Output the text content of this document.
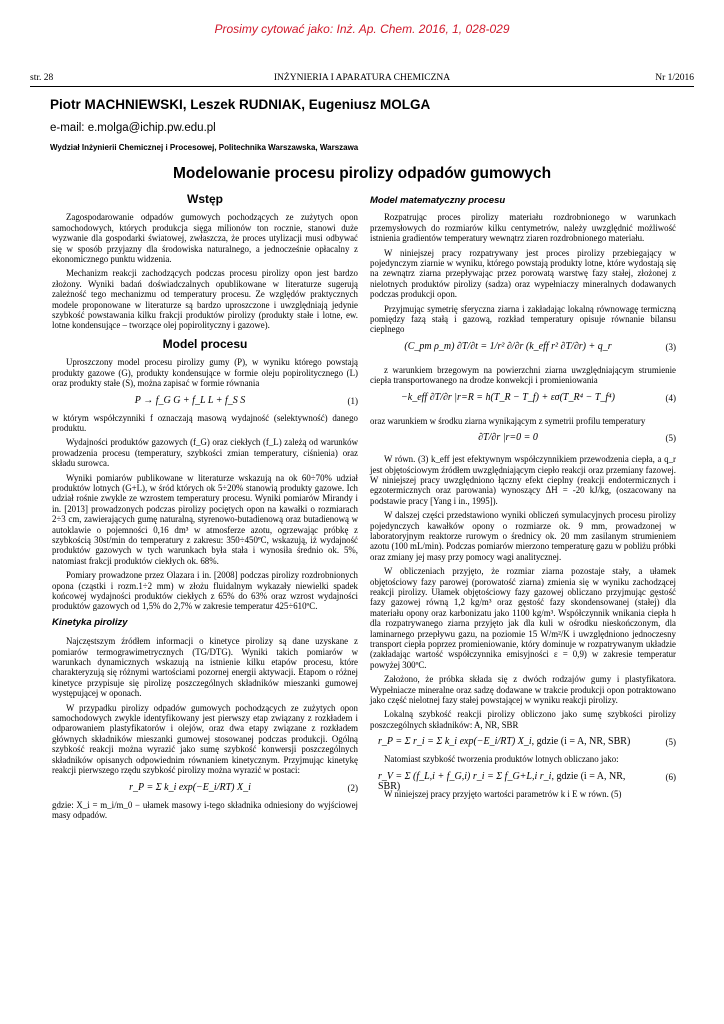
Prosimy cytować jako: Inż. Ap. Chem. 2016, 1, 028-029
str. 28	INŻYNIERIA I APARATURA CHEMICZNA	Nr 1/2016
Piotr MACHNIEWSKI, Leszek RUDNIAK, Eugeniusz MOLGA
e-mail: e.molga@ichip.pw.edu.pl
Wydział Inżynierii Chemicznej i Procesowej, Politechnika Warszawska, Warszawa
Modelowanie procesu pirolizy odpadów gumowych
Wstęp

Zagospodarowanie odpadów gumowych pochodzących ze zużytych opon samochodowych, których produkcja sięga milionów ton rocznie, stanowi duże wyzwanie dla gospodarki światowej, zwłaszcza, że proces utylizacji musi odbywać się w sposób przyjazny dla środowiska naturalnego, a jednocześnie opłacalny z ekonomicznego punktu widzenia.

Mechanizm reakcji zachodzących podczas procesu pirolizy opon jest bardzo złożony. Wyniki badań doświadczalnych opublikowane w literaturze sugerują zależność tego mechanizmu od temperatury procesu. Ze względów praktycznych modele proponowane w literaturze są bardzo uproszczone i uwzględniają jedynie szybkość powstawania kilku frakcji produktów pirolizy (produkty stałe i lotne, ew. lotne kondensujące – tworzące olej popirolityczny i gazowe).

Model procesu

Uproszczony model procesu pirolizy gumy (P), w wyniku którego powstają produkty gazowe (G), produkty kondensujące w formie oleju popirolitycznego (L) oraz produkty stałe (S), można zapisać w formie równania

P → f_G G + f_L L + f_S S	(1)

w którym współczynniki f oznaczają masową wydajność (selektywność) danego produktu.

Wydajności produktów gazowych (f_G) oraz ciekłych (f_L) zależą od warunków prowadzenia procesu (temperatury, szybkości zmian temperatury, ciśnienia) oraz składu surowca.

Wyniki pomiarów publikowane w literaturze wskazują na ok 60÷70% udział produktów lotnych (G+L), w śród których ok 5÷20% stanowią produkty gazowe. Ich udział rośnie zwykle ze wzrostem temperatury procesu. Wyniki pomiarów Mirandy i in. [2013] prowadzonych podczas pirolizy pociętych opon na kawałki o rozmiarach 2÷3 cm, zawierających gumę naturalną, styrenowo-butadienową oraz butadienową w autoklawie o pojemności 0,16 dm³ w atmosferze azotu, ogrzewając próbkę z szybkością 30st/min do temperatury z zakresu: 350÷450ºC, wskazują, iż wydajność produktów gazowych w tych warunkach była stała i wynosiła średnio ok. 5%, natomiast frakcji produktów ciekłych ok. 68%.

Pomiary prowadzone przez Olazara i in. [2008] podczas pirolizy rozdrobnionych opona (cząstki i rozm.1÷2 mm) w złożu fluidalnym wykazały niewielki spadek końcowej wydajności produktów ciekłych z 65% do 63% oraz wzrost wydajności produktów gazowych od 1,5% do 2,7% w zakresie temperatur 425÷610ºC.

Kinetyka pirolizy

Najczęstszym źródłem informacji o kinetyce pirolizy są dane uzyskane z pomiarów termograwimetrycznych (TG/DTG). Wyniki takich pomiarów w warunkach dynamicznych wskazują na istnienie kilku etapów procesu, które charakteryzują się różnymi wartościami pozornej energii aktywacji. Etapom o różnej kinetyce przypisuje się pirolizę poszczególnych składników mieszanki gumowej występującej w oponach.

W przypadku pirolizy odpadów gumowych pochodzących ze zużytych opon samochodowych zwykle identyfikowany jest pierwszy etap związany z rozkładem i odparowaniem plastyfikatorów i olejów, oraz dwa etapy związane z rozkładem głównych składników mieszanki gumowej stosowanej podczas produkcji. Ogólną szybkość reakcji można wyrazić jako sumę szybkość konwersji poszczególnych składników opisanych odpowiednim równaniem kinetycznym. Przyjmując kinetykę reakcji pierwszego rzędu szybkość pirolizy można wyrazić w postaci:

r_P = Σ k_i exp(−E_i/RT) X_i	(2)

gdzie: X_i = m_i/m_0 − ułamek masowy i-tego składnika odniesiony do wyjściowej masy odpadów.

Model matematyczny procesu

Rozpatrując proces pirolizy materiału rozdrobnionego w warunkach przemysłowych do rozmiarów kilku centymetrów, należy uwzględnić możliwość istnienia gradientów temperatury wewnątrz ziaren rozdrobnionego materiału.

W niniejszej pracy rozpatrywany jest proces pirolizy przebiegający w pojedynczym ziarnie w wyniku, którego powstają produkty lotne, które wydostają się na zewnątrz ziarna przepływając przez porowatą warstwę fazy stałej, złożonej z nielotnych produktów pirolizy (sadza) oraz wypełniaczy mineralnych dodawanych podczas produkcji opon.

Przyjmując symetrię sferyczna ziarna i zakładając lokalną równowagę termiczną pomiędzy fazą stałą i gazową, rozkład temperatury opisuje równanie bilansu cieplnego

(C_pm ρ_m) ∂T/∂t = 1/r² ∂/∂r (k_eff r² ∂T/∂r) + q_r	(3)

z warunkiem brzegowym na powierzchni ziarna uwzględniającym strumienie ciepła transportowanego na drodze konwekcji i promieniowania

−k_eff ∂T/∂r |r=R = h(T_R − T_f) + εσ(T_R⁴ − T_f⁴)	(4)

oraz warunkiem w środku ziarna wynikającym z symetrii profilu temperatury

∂T/∂r |r=0 = 0	(5)

W równ. (3) k_eff jest efektywnym współczynnikiem przewodzenia ciepła, a q_r jest objętościowym źródłem uwzględniającym ciepło reakcji oraz przemiany fazowej. W niniejszej pracy uwzględniono łączny efekt cieplny (reakcji endotermicznych i egzotermicznych oraz parowania) wynoszący ΔH = -20 kJ/kg, (oszacowany na podstawie pracy [Yang i in., 1995]).

W dalszej części przedstawiono wyniki obliczeń symulacyjnych procesu pirolizy pojedynczych kawałków opony o rozmiarze ok. 9 mm, prowadzonej w laboratoryjnym reaktorze rurowym o średnicy ok. 20 mm zasilanym strumieniem azotu (100 mL/min). Podczas pomiarów mierzono temperaturę gazu w pobliżu próbki oraz zmiany jej masy przy pomocy wagi analitycznej.

W obliczeniach przyjęto, że rozmiar ziarna pozostaje stały, a ułamek objętościowy fazy parowej (porowatość ziarna) zmienia się w wyniku zachodzącej reakcji pirolizy. Ułamek objętościowy fazy gazowej obliczano przyjmując gęstość fazy gazowej równą 1,2 kg/m³ oraz gęstość fazy skondensowanej (stałej) dla materiału opony oraz karbonizatu jako 1100 kg/m³. Współczynnik wnikania ciepła h dla rozpatrywanego ziarna przyjęto jak dla kuli w ośrodku nieskończonym, dla laminarnego przepływu gazu, na poziomie 15 W/m²/K i uwzględniono jednoczesny transport ciepła poprzez promieniowanie, który dominuje w rozpatrywanym układzie (zakładając wartość współczynnika emisyjności ε = 0,9) w zakresie temperatur powyżej 300ºC.

Założono, że próbka składa się z dwóch rodzajów gumy i plastyfikatora. Wypełniacze mineralne oraz sadzę dodawane w trakcie produkcji opon potraktowano jako część nielotnej fazy stałej powstającej w wyniku reakcji pirolizy.

Lokalną szybkość reakcji pirolizy obliczono jako sumę szybkości pirolizy poszczególnych składników: A, NR, SBR

r_P = Σ r_i = Σ k_i exp(−E_i/RT) X_i, gdzie (i = A, NR, SBR)	(5)

Natomiast szybkość tworzenia produktów lotnych obliczano jako:

r_V = Σ (f_L,i + f_G,i) r_i = Σ f_G+L,i r_i, gdzie (i = A, NR, SBR)
(6)

W niniejszej pracy przyjęto wartości parametrów k i E w równ. (5)
